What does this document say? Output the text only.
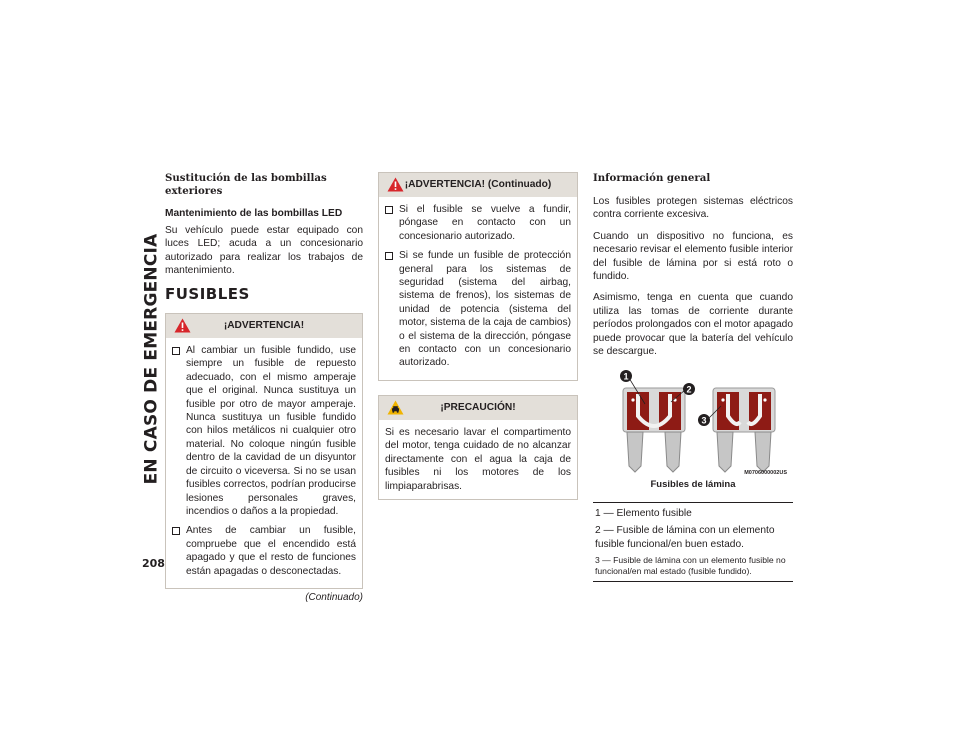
EN CASO DE EMERGENCIA
208
Sustitución de las bombillas exteriores
Mantenimiento de las bombillas LED

Su vehículo puede estar equipado con luces LED; acuda a un concesionario autorizado para realizar los trabajos de mantenimiento.

FUSIBLES
¡ADVERTENCIA!
Al cambiar un fusible fundido, use siempre un fusible de repuesto adecuado, con el mismo amperaje que el original. Nunca sustituya un fusible por otro de mayor amperaje. Nunca sustituya un fusible fundido con hilos metálicos ni cualquier otro material. No coloque ningún fusible dentro de la cavidad de un disyuntor de circuito o viceversa. Si no se usan fusibles correctos, podrían producirse lesiones personales graves, incendios o daños a la propiedad.
Antes de cambiar un fusible, compruebe que el encendido está apagado y que el resto de funciones están apagadas o desconectadas.
(Continuado)
¡ADVERTENCIA! (Continuado)
Si el fusible se vuelve a fundir, póngase en contacto con un concesionario autorizado.
Si se funde un fusible de protección general para los sistemas de seguridad (sistema del airbag, sistema de frenos), los sistemas de unidad de potencia (sistema del motor, sistema de la caja de cambios) o el sistema de la dirección, póngase en contacto con un concesionario autorizado.
¡PRECAUCIÓN!

Si es necesario lavar el compartimento del motor, tenga cuidado de no alcanzar directamente con el agua la caja de fusibles ni los motores de los limpiaparabrisas.

Información general

Los fusibles protegen sistemas eléctricos contra corriente excesiva.

Cuando un dispositivo no funciona, es necesario revisar el elemento fusible interior del fusible de lámina por si está roto o fundido.

Asimismo, tenga en cuenta que cuando utiliza las tomas de corriente durante períodos prolongados con el motor apagado puede provocar que la batería del vehículo se descargue.

1
2
3
M0706000002US
Fusibles de lámina

1 — Elemento fusible

2 — Fusible de lámina con un elemento fusible funcional/en buen estado.

3 — Fusible de lámina con un elemento fusible no funcional/en mal estado (fusible fundido).
